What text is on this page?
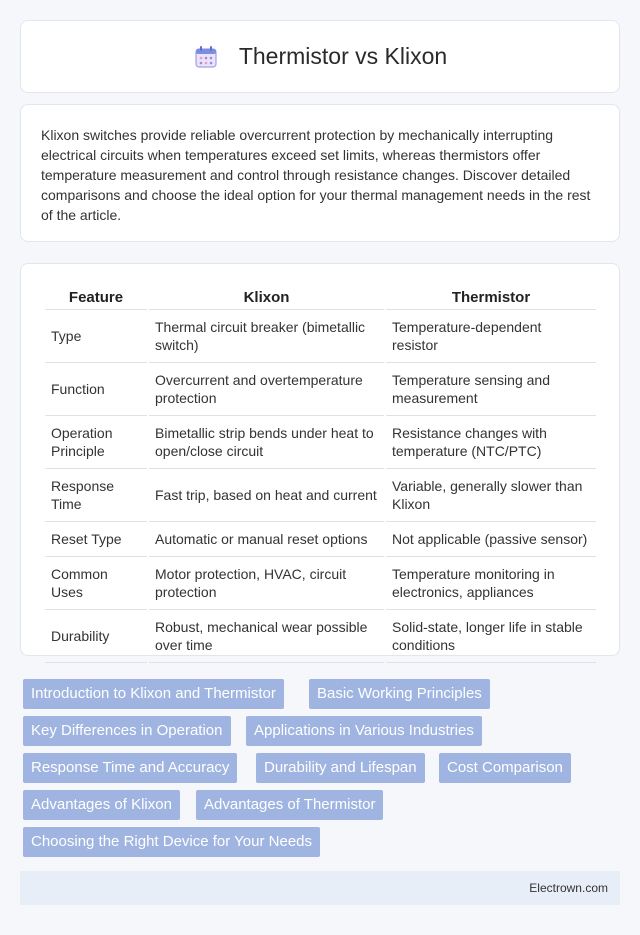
Thermistor vs Klixon

Klixon switches provide reliable overcurrent protection by mechanically interrupting electrical circuits when temperatures exceed set limits, whereas thermistors offer temperature measurement and control through resistance changes. Discover detailed comparisons and choose the ideal option for your thermal management needs in the rest of the article.

Feature	Klixon	Thermistor
Type	Thermal circuit breaker (bimetallic switch)	Temperature-dependent resistor
Function	Overcurrent and overtemperature protection	Temperature sensing and measurement
Operation Principle	Bimetallic strip bends under heat to open/close circuit	Resistance changes with temperature (NTC/PTC)
Response Time	Fast trip, based on heat and current	Variable, generally slower than Klixon
Reset Type	Automatic or manual reset options	Not applicable (passive sensor)
Common Uses	Motor protection, HVAC, circuit protection	Temperature monitoring in electronics, appliances
Durability	Robust, mechanical wear possible over time	Solid-state, longer life in stable conditions
Introduction to Klixon and Thermistor	Basic Working Principles
Key Differences in Operation	Applications in Various Industries
Response Time and Accuracy	Durability and Lifespan	Cost Comparison
Advantages of Klixon	Advantages of Thermistor
Choosing the Right Device for Your Needs
Electrown.com
